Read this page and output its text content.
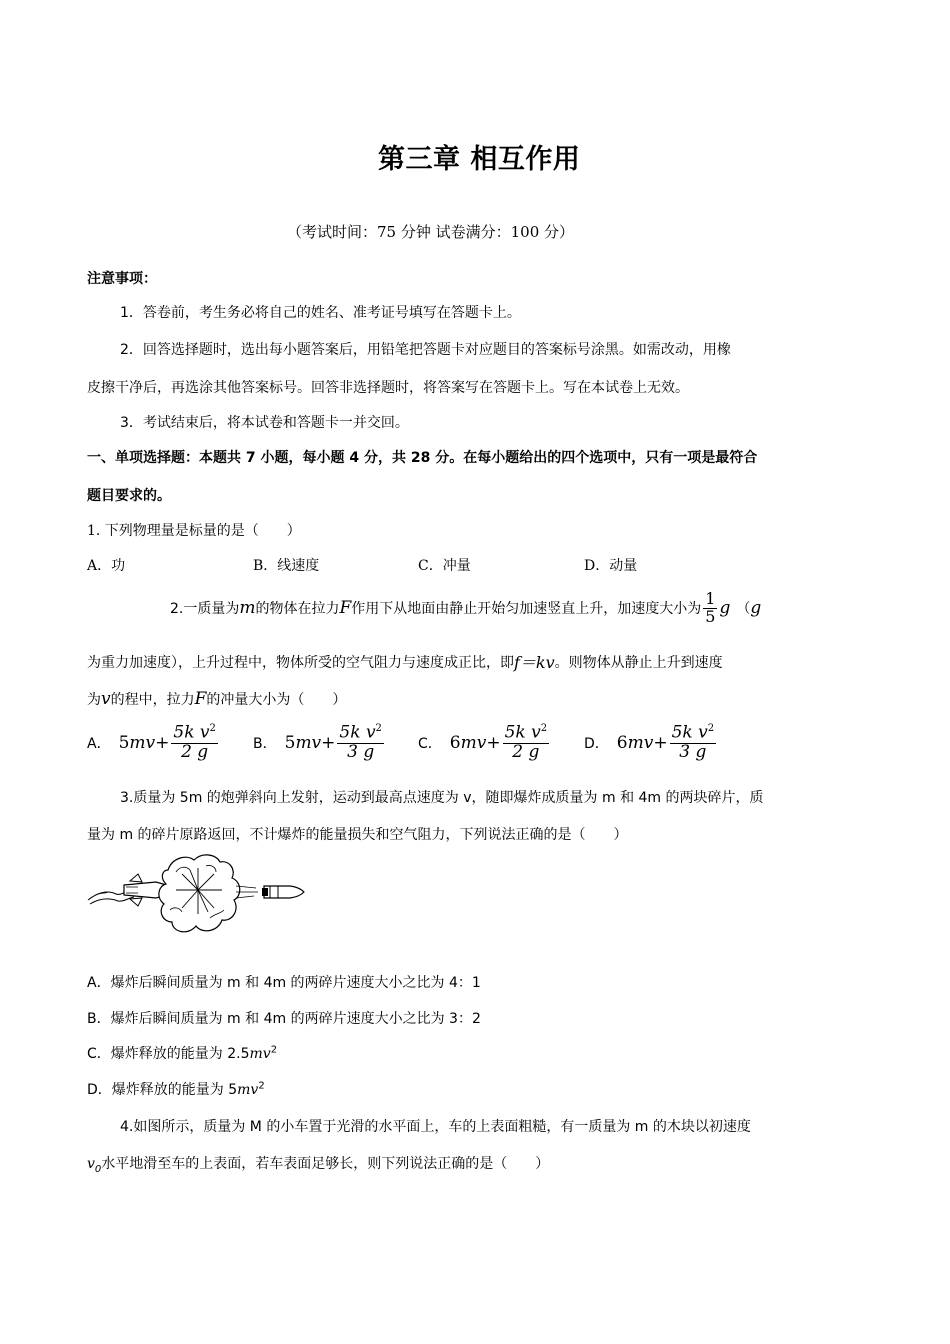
第三章 相互作用
（考试时间：75 分钟 试卷满分：100 分）
注意事项：
1．答卷前，考生务必将自己的姓名、准考证号填写在答题卡上。
2．回答选择题时，选出每小题答案后，用铅笔把答题卡对应题目的答案标号涂黑。如需改动，用橡
皮擦干净后，再选涂其他答案标号。回答非选择题时，将答案写在答题卡上。写在本试卷上无效。
3．考试结束后，将本试卷和答题卡一并交回。
一、单项选择题：本题共 7 小题，每小题 4 分，共 28 分。在每小题给出的四个选项中，只有一项是最符合
题目要求的。
1. 下列物理量是标量的是（　　）
A．功	B．线速度	C．冲量	D．动量
2.一质量为 m 的物体在拉力 F 作用下从地面由静止开始匀加速竖直上升，加速度大小为 $\frac{1}{5}$ g （ g
为重力加速度），上升过程中，物体所受的空气阻力与速度成正比，即 f＝kv 。则物体从静止上升到速度
为 v 的程中，拉力 F 的冲量大小为（　　）
A． 5 mv + $\frac{5k v^2}{2 g}$	B． 5 mv + $\frac{5k v^2}{3 g}$ C． 6 mv + $\frac{5k v^2}{2 g}$ D． 6 mv + $\frac{5k v^2}{3 g}$
3.质量为 5m 的炮弹斜向上发射，运动到最高点速度为 v，随即爆炸成质量为 m 和 4m 的两块碎片，质
量为 m 的碎片原路返回，不计爆炸的能量损失和空气阻力，下列说法正确的是（　　）
A．爆炸后瞬间质量为 m 和 4m 的两碎片速度大小之比为 4：1
B．爆炸后瞬间质量为 m 和 4m 的两碎片速度大小之比为 3：2
C．爆炸释放的能量为 $2.5mv^2$
D．爆炸释放的能量为 $5mv^2$
4.如图所示，质量为 M 的小车置于光滑的水平面上，车的上表面粗糙，有一质量为 m 的木块以初速度
$v_0$水平地滑至车的上表面，若车表面足够长，则下列说法正确的是（　　）
